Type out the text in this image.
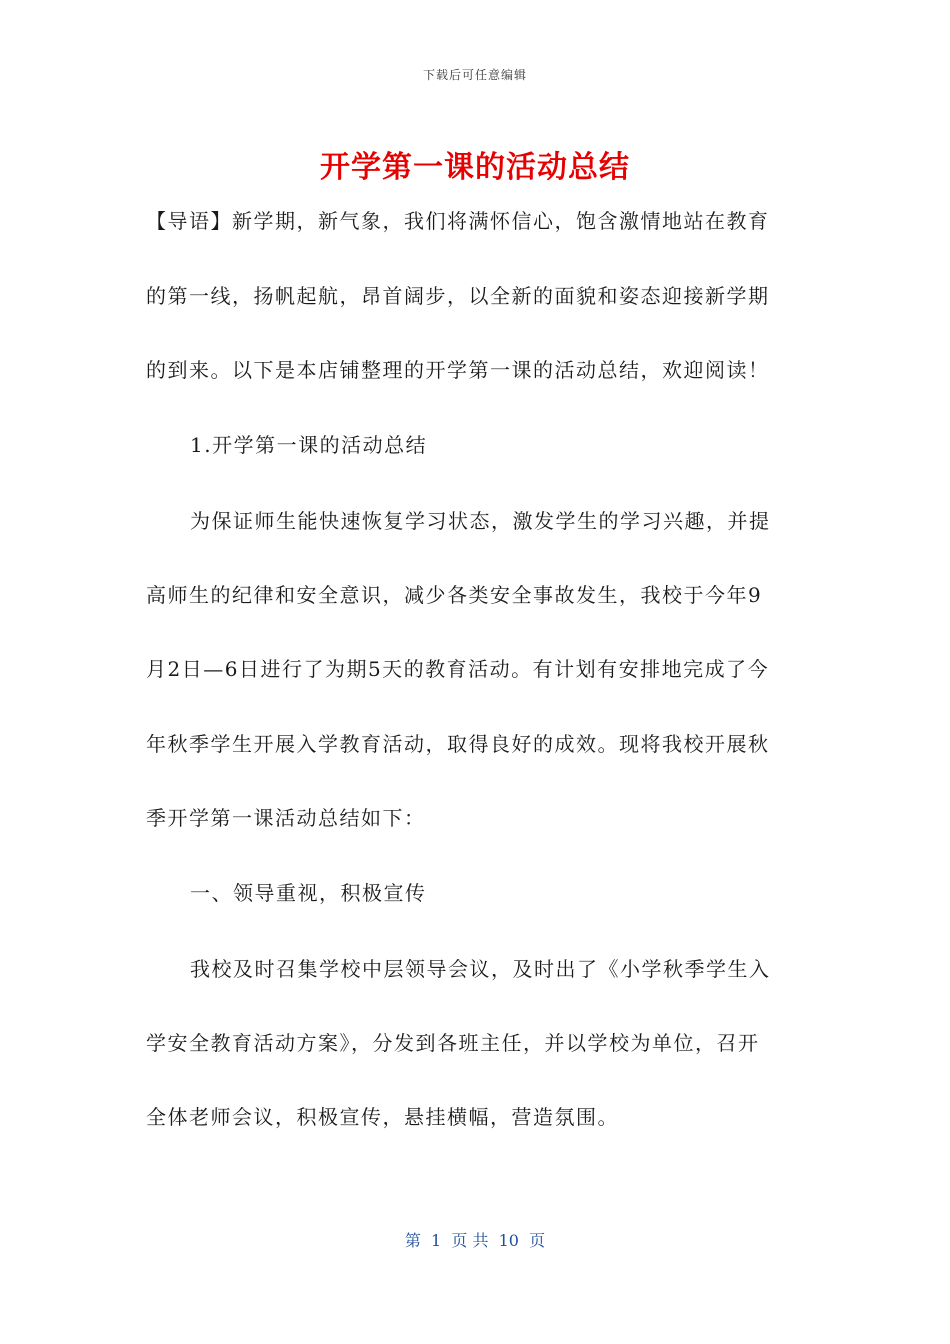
下载后可任意编辑
开学第一课的活动总结
【导语】新学期，新气象，我们将满怀信心，饱含激情地站在教育
的第一线，扬帆起航，昂首阔步，以全新的面貌和姿态迎接新学期
的到来。以下是本店铺整理的开学第一课的活动总结，欢迎阅读！
1.开学第一课的活动总结
为保证师生能快速恢复学习状态，激发学生的学习兴趣，并提
高师生的纪律和安全意识，减少各类安全事故发生，我校于今年9
月2日—6日进行了为期5天的教育活动。有计划有安排地完成了今
年秋季学生开展入学教育活动，取得良好的成效。现将我校开展秋
季开学第一课活动总结如下：
一、领导重视，积极宣传
我校及时召集学校中层领导会议，及时出了《小学秋季学生入
学安全教育活动方案》，分发到各班主任，并以学校为单位，召开
全体老师会议，积极宣传，悬挂横幅，营造氛围。
第  1  页 共  10  页
